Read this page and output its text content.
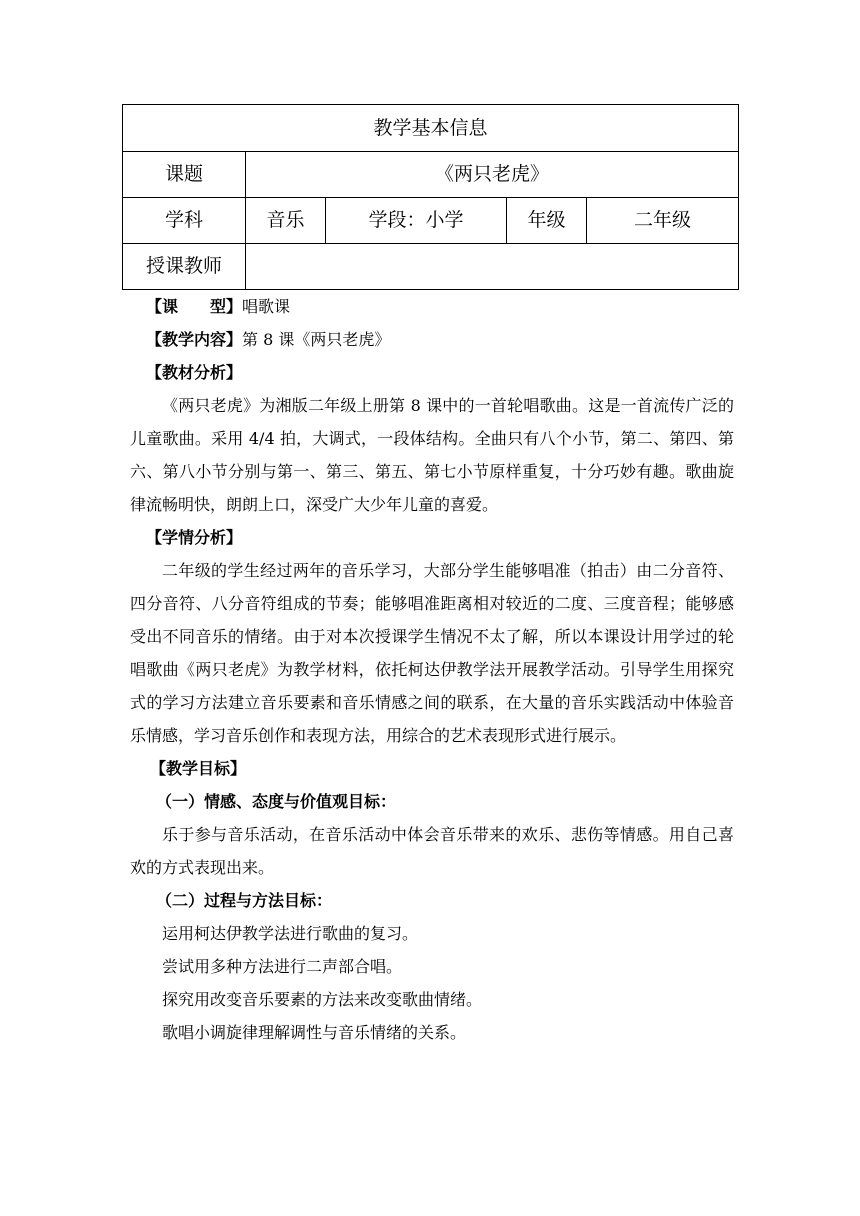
教学基本信息				
课题	《两只老虎》			
学科	音乐	学段：小学	年级	二年级
授课教师				
【课　　型】唱歌课
【教学内容】第 8 课《两只老虎》
【教材分析】

《两只老虎》为湘版二年级上册第 8 课中的一首轮唱歌曲。这是一首流传广泛的儿童歌曲。采用 4/4 拍，大调式，一段体结构。全曲只有八个小节，第二、第四、第六、第八小节分别与第一、第三、第五、第七小节原样重复，十分巧妙有趣。歌曲旋律流畅明快，朗朗上口，深受广大少年儿童的喜爱。

【学情分析】

二年级的学生经过两年的音乐学习，大部分学生能够唱准（拍击）由二分音符、四分音符、八分音符组成的节奏；能够唱准距离相对较近的二度、三度音程；能够感受出不同音乐的情绪。由于对本次授课学生情况不太了解，所以本课设计用学过的轮唱歌曲《两只老虎》为教学材料，依托柯达伊教学法开展教学活动。引导学生用探究式的学习方法建立音乐要素和音乐情感之间的联系，在大量的音乐实践活动中体验音乐情感，学习音乐创作和表现方法，用综合的艺术表现形式进行展示。

【教学目标】
（一）情感、态度与价值观目标：

乐于参与音乐活动，在音乐活动中体会音乐带来的欢乐、悲伤等情感。用自己喜欢的方式表现出来。

（二）过程与方法目标：
运用柯达伊教学法进行歌曲的复习。
尝试用多种方法进行二声部合唱。
探究用改变音乐要素的方法来改变歌曲情绪。
歌唱小调旋律理解调性与音乐情绪的关系。
